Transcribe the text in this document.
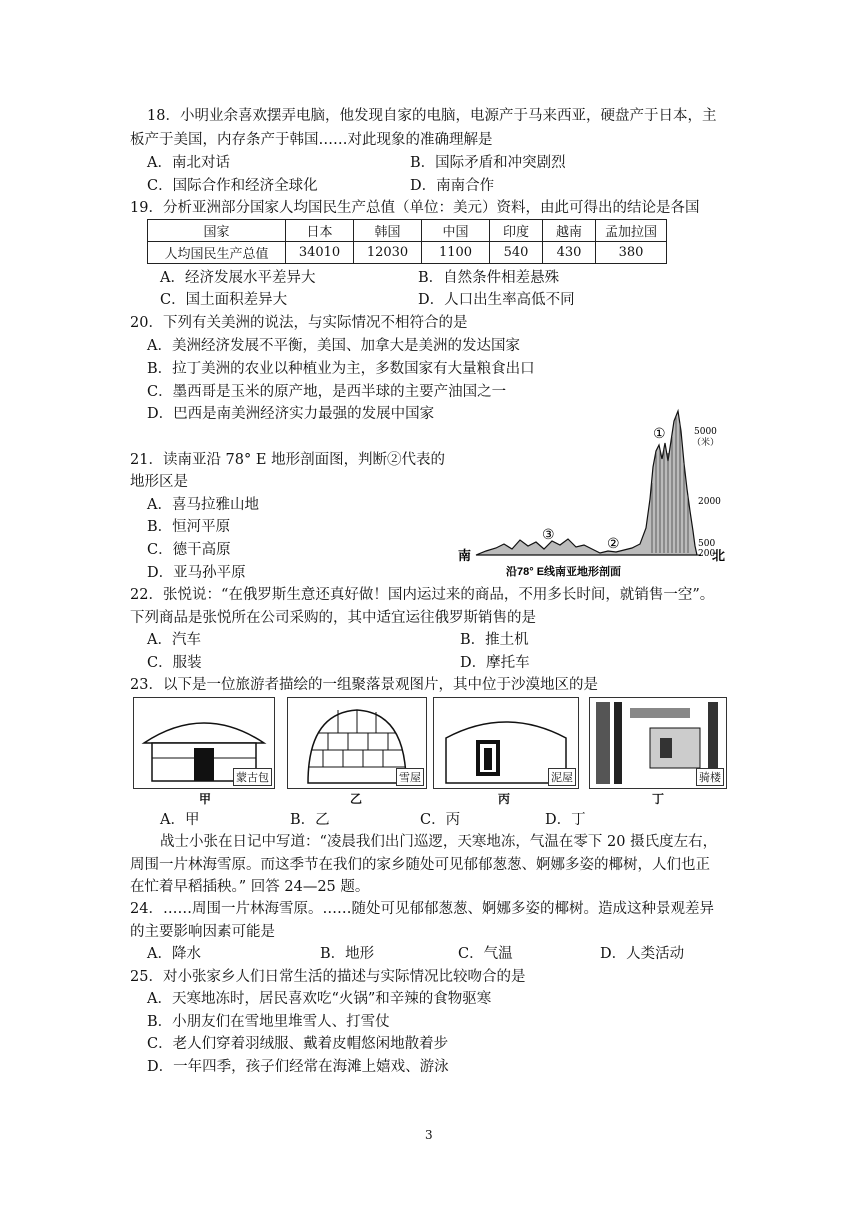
18．小明业余喜欢摆弄电脑，他发现自家的电脑，电源产于马来西亚，硬盘产于日本，主
板产于美国，内存条产于韩国……对此现象的准确理解是
A．南北对话	B．国际矛盾和冲突剧烈
C．国际合作和经济全球化	D．南南合作
19．分析亚洲部分国家人均国民生产总值（单位：美元）资料，由此可得出的结论是各国
国家	日本	韩国	中国	印度	越南	孟加拉国
人均国民生产总值	34010	12030	1100	540	430	380
A．经济发展水平差异大	B．自然条件相差悬殊
C．国土面积差异大	D．人口出生率高低不同
20．下列有关美洲的说法，与实际情况不相符合的是
A．美洲经济发展不平衡，美国、加拿大是美洲的发达国家
B．拉丁美洲的农业以种植业为主，多数国家有大量粮食出口
C．墨西哥是玉米的原产地，是西半球的主要产油国之一
D．巴西是南美洲经济实力最强的发展中国家
21．读南亚沿 78° E 地形剖面图，判断②代表的
地形区是
A．喜马拉雅山地
B．恒河平原
C．德干高原
D．亚马孙平原
南	北
5000
（米）
2000
500
200
①
②
③
沿78° E线南亚地形剖面
22．张悦说：“在俄罗斯生意还真好做！国内运过来的商品，不用多长时间，就销售一空”。
下列商品是张悦所在公司采购的，其中适宜运往俄罗斯销售的是
A．汽车	B．推土机
C．服装	D．摩托车
23．以下是一位旅游者描绘的一组聚落景观图片，其中位于沙漠地区的是
蒙古包	雪屋	泥屋	骑楼
甲	乙	丙	丁
A．甲	B．乙	C．丙	D．丁
战士小张在日记中写道：“凌晨我们出门巡逻，天寒地冻，气温在零下 20 摄氏度左右，
周围一片林海雪原。而这季节在我们的家乡随处可见郁郁葱葱、婀娜多姿的椰树，人们也正
在忙着早稻插秧。” 回答 24—25 题。
24．……周围一片林海雪原。……随处可见郁郁葱葱、婀娜多姿的椰树。造成这种景观差异
的主要影响因素可能是
A．降水	B．地形	C．气温	D．人类活动
25．对小张家乡人们日常生活的描述与实际情况比较吻合的是
A．天寒地冻时，居民喜欢吃“火锅”和辛辣的食物驱寒
B．小朋友们在雪地里堆雪人、打雪仗
C．老人们穿着羽绒服、戴着皮帽悠闲地散着步
D．一年四季，孩子们经常在海滩上嬉戏、游泳
3
